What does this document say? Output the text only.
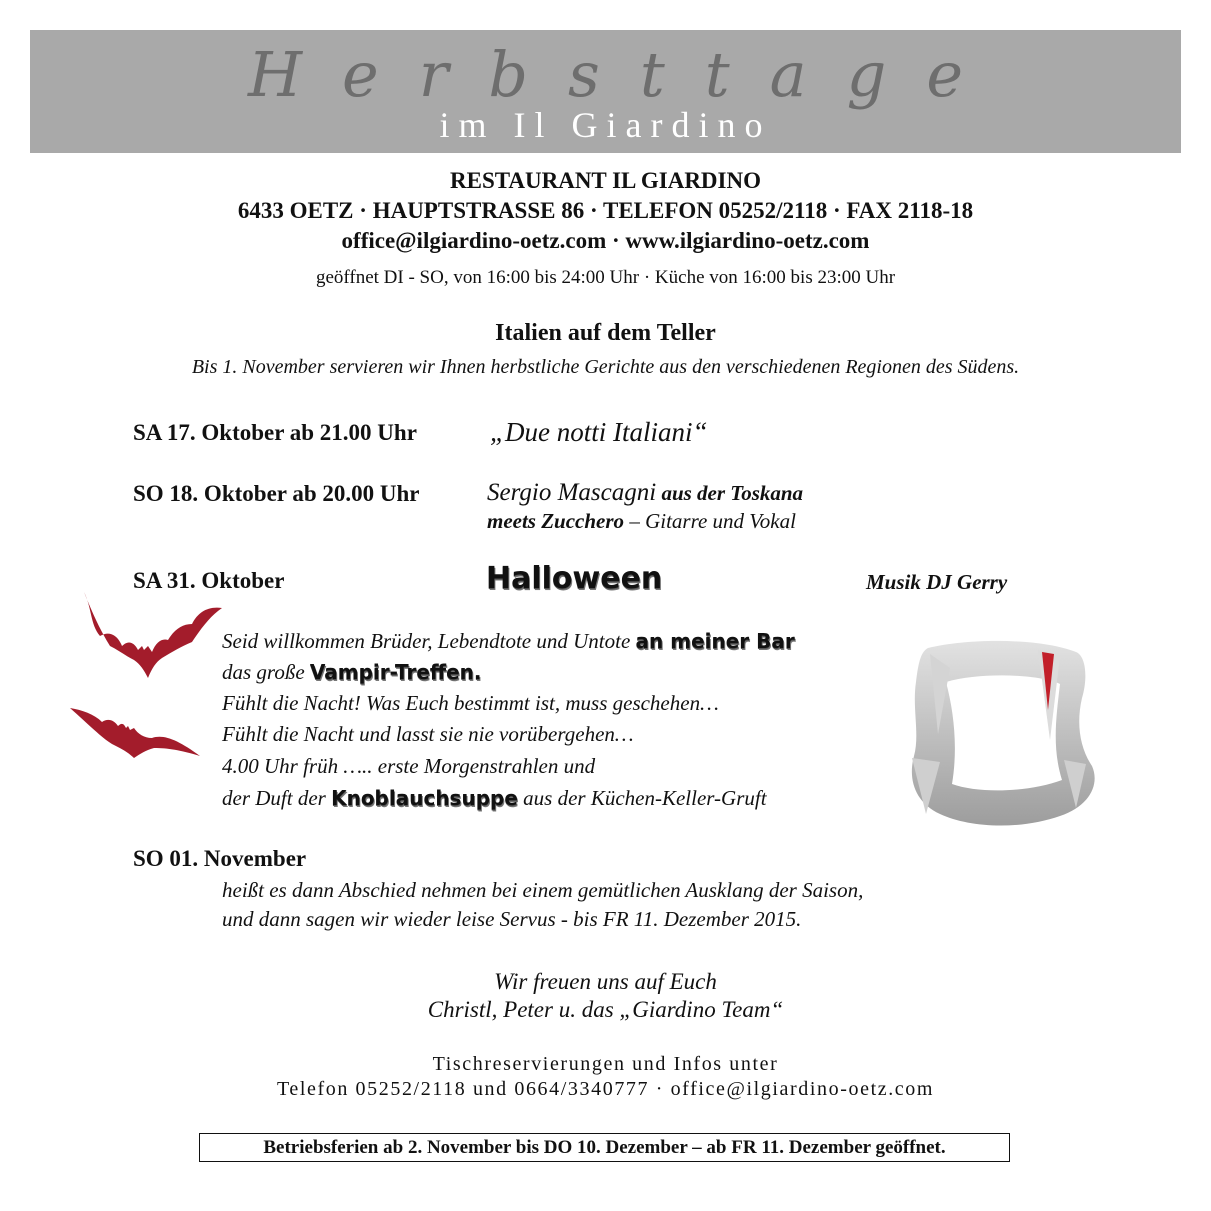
Herbsttage
im Il Giardino
RESTAURANT IL GIARDINO
6433 OETZ · HAUPTSTRASSE 86 · TELEFON 05252/2118 · FAX 2118-18
office@ilgiardino-oetz.com · www.ilgiardino-oetz.com
geöffnet DI - SO, von 16:00 bis 24:00 Uhr · Küche von 16:00 bis 23:00 Uhr
Italien auf dem Teller
Bis 1. November servieren wir Ihnen herbstliche Gerichte aus den verschiedenen Regionen des Südens.
SA 17. Oktober ab 21.00 Uhr	„Due notti Italiani“
SO 18. Oktober ab 20.00 Uhr	Sergio Mascagni aus der Toskana
meets Zucchero – Gitarre und Vokal
SA 31. Oktober	Halloween	Musik DJ Gerry
Seid willkommen Brüder, Lebendtote und Untote an meiner Bar
das große Vampir-Treffen.
Fühlt die Nacht! Was Euch bestimmt ist, muss geschehen…
Fühlt die Nacht und lasst sie nie vorübergehen…
4.00 Uhr früh ….. erste Morgenstrahlen und
der Duft der Knoblauchsuppe aus der Küchen-Keller-Gruft
SO 01. November
heißt es dann Abschied nehmen bei einem gemütlichen Ausklang der Saison,
und dann sagen wir wieder leise Servus - bis FR 11. Dezember 2015.
Wir freuen uns auf Euch
Christl, Peter u. das „Giardino Team“
Tischreservierungen und Infos unter
Telefon 05252/2118 und 0664/3340777 · office@ilgiardino-oetz.com
Betriebsferien ab 2. November bis DO 10. Dezember – ab FR 11. Dezember geöffnet.
